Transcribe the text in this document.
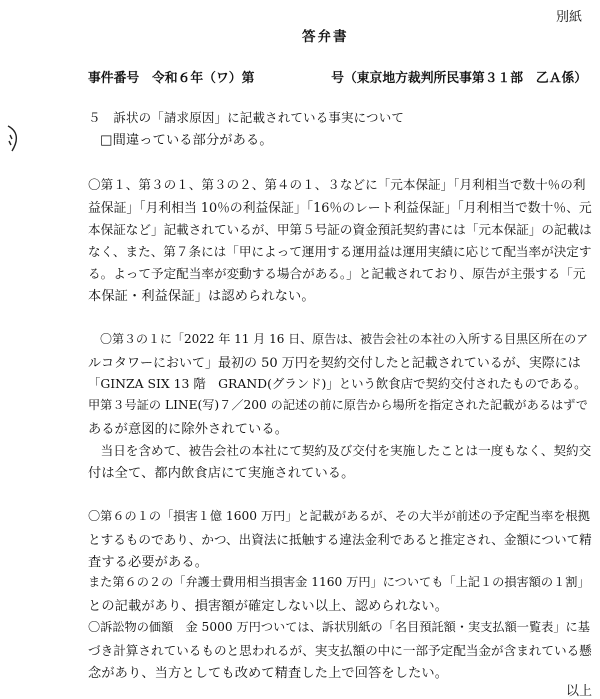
別紙
答弁書
事件番号　令和６年（ワ）第　　　　　　号（東京地方裁判所民事第３１部　乙Ａ係）
５　訴状の「請求原因」に記載されている事実について
□間違っている部分がある。
〇第１、第３の１、第３の２、第４の１、３などに「元本保証」「月利相当で数十％の利
益保証」「月利相当 10％の利益保証」「16％のレート利益保証」「月利相当で数十％、元
本保証など」記載されているが、甲第５号証の資金預託契約書には「元本保証」の記載は
なく、また、第７条には「甲によって運用する運用益は運用実績に応じて配当率が決定す
る。よって予定配当率が変動する場合がある。」と記載されており、原告が主張する「元
本保証・利益保証」は認められない。
〇第３の１に「2022 年 11 月 16 日、原告は、被告会社の本社の入所する目黒区所在のア
ルコタワーにおいて」最初の 50 万円を契約交付したと記載されているが、実際には
「GINZA SIX 13 階　GRAND(グランド)」という飲食店で契約交付されたものである。
甲第３号証の LINE(写)７／200 の記述の前に原告から場所を指定された記載があるはずで
あるが意図的に除外されている。
　当日を含めて、被告会社の本社にて契約及び交付を実施したことは一度もなく、契約交
付は全て、都内飲食店にて実施されている。
〇第６の１の「損害１億 1600 万円」と記載があるが、その大半が前述の予定配当率を根拠
とするものであり、かつ、出資法に抵触する違法金利であると推定され、金額について精
査する必要がある。
また第６の２の「弁護士費用相当損害金 1160 万円」についても「上記１の損害額の１割」
との記載があり、損害額が確定しない以上、認められない。
〇訴訟物の価額　金 5000 万円ついては、訴状別紙の「名目預託額・実支払額一覧表」に基
づき計算されているものと思われるが、実支払額の中に一部予定配当金が含まれている懸
念があり、当方としても改めて精査した上で回答をしたい。
以上
